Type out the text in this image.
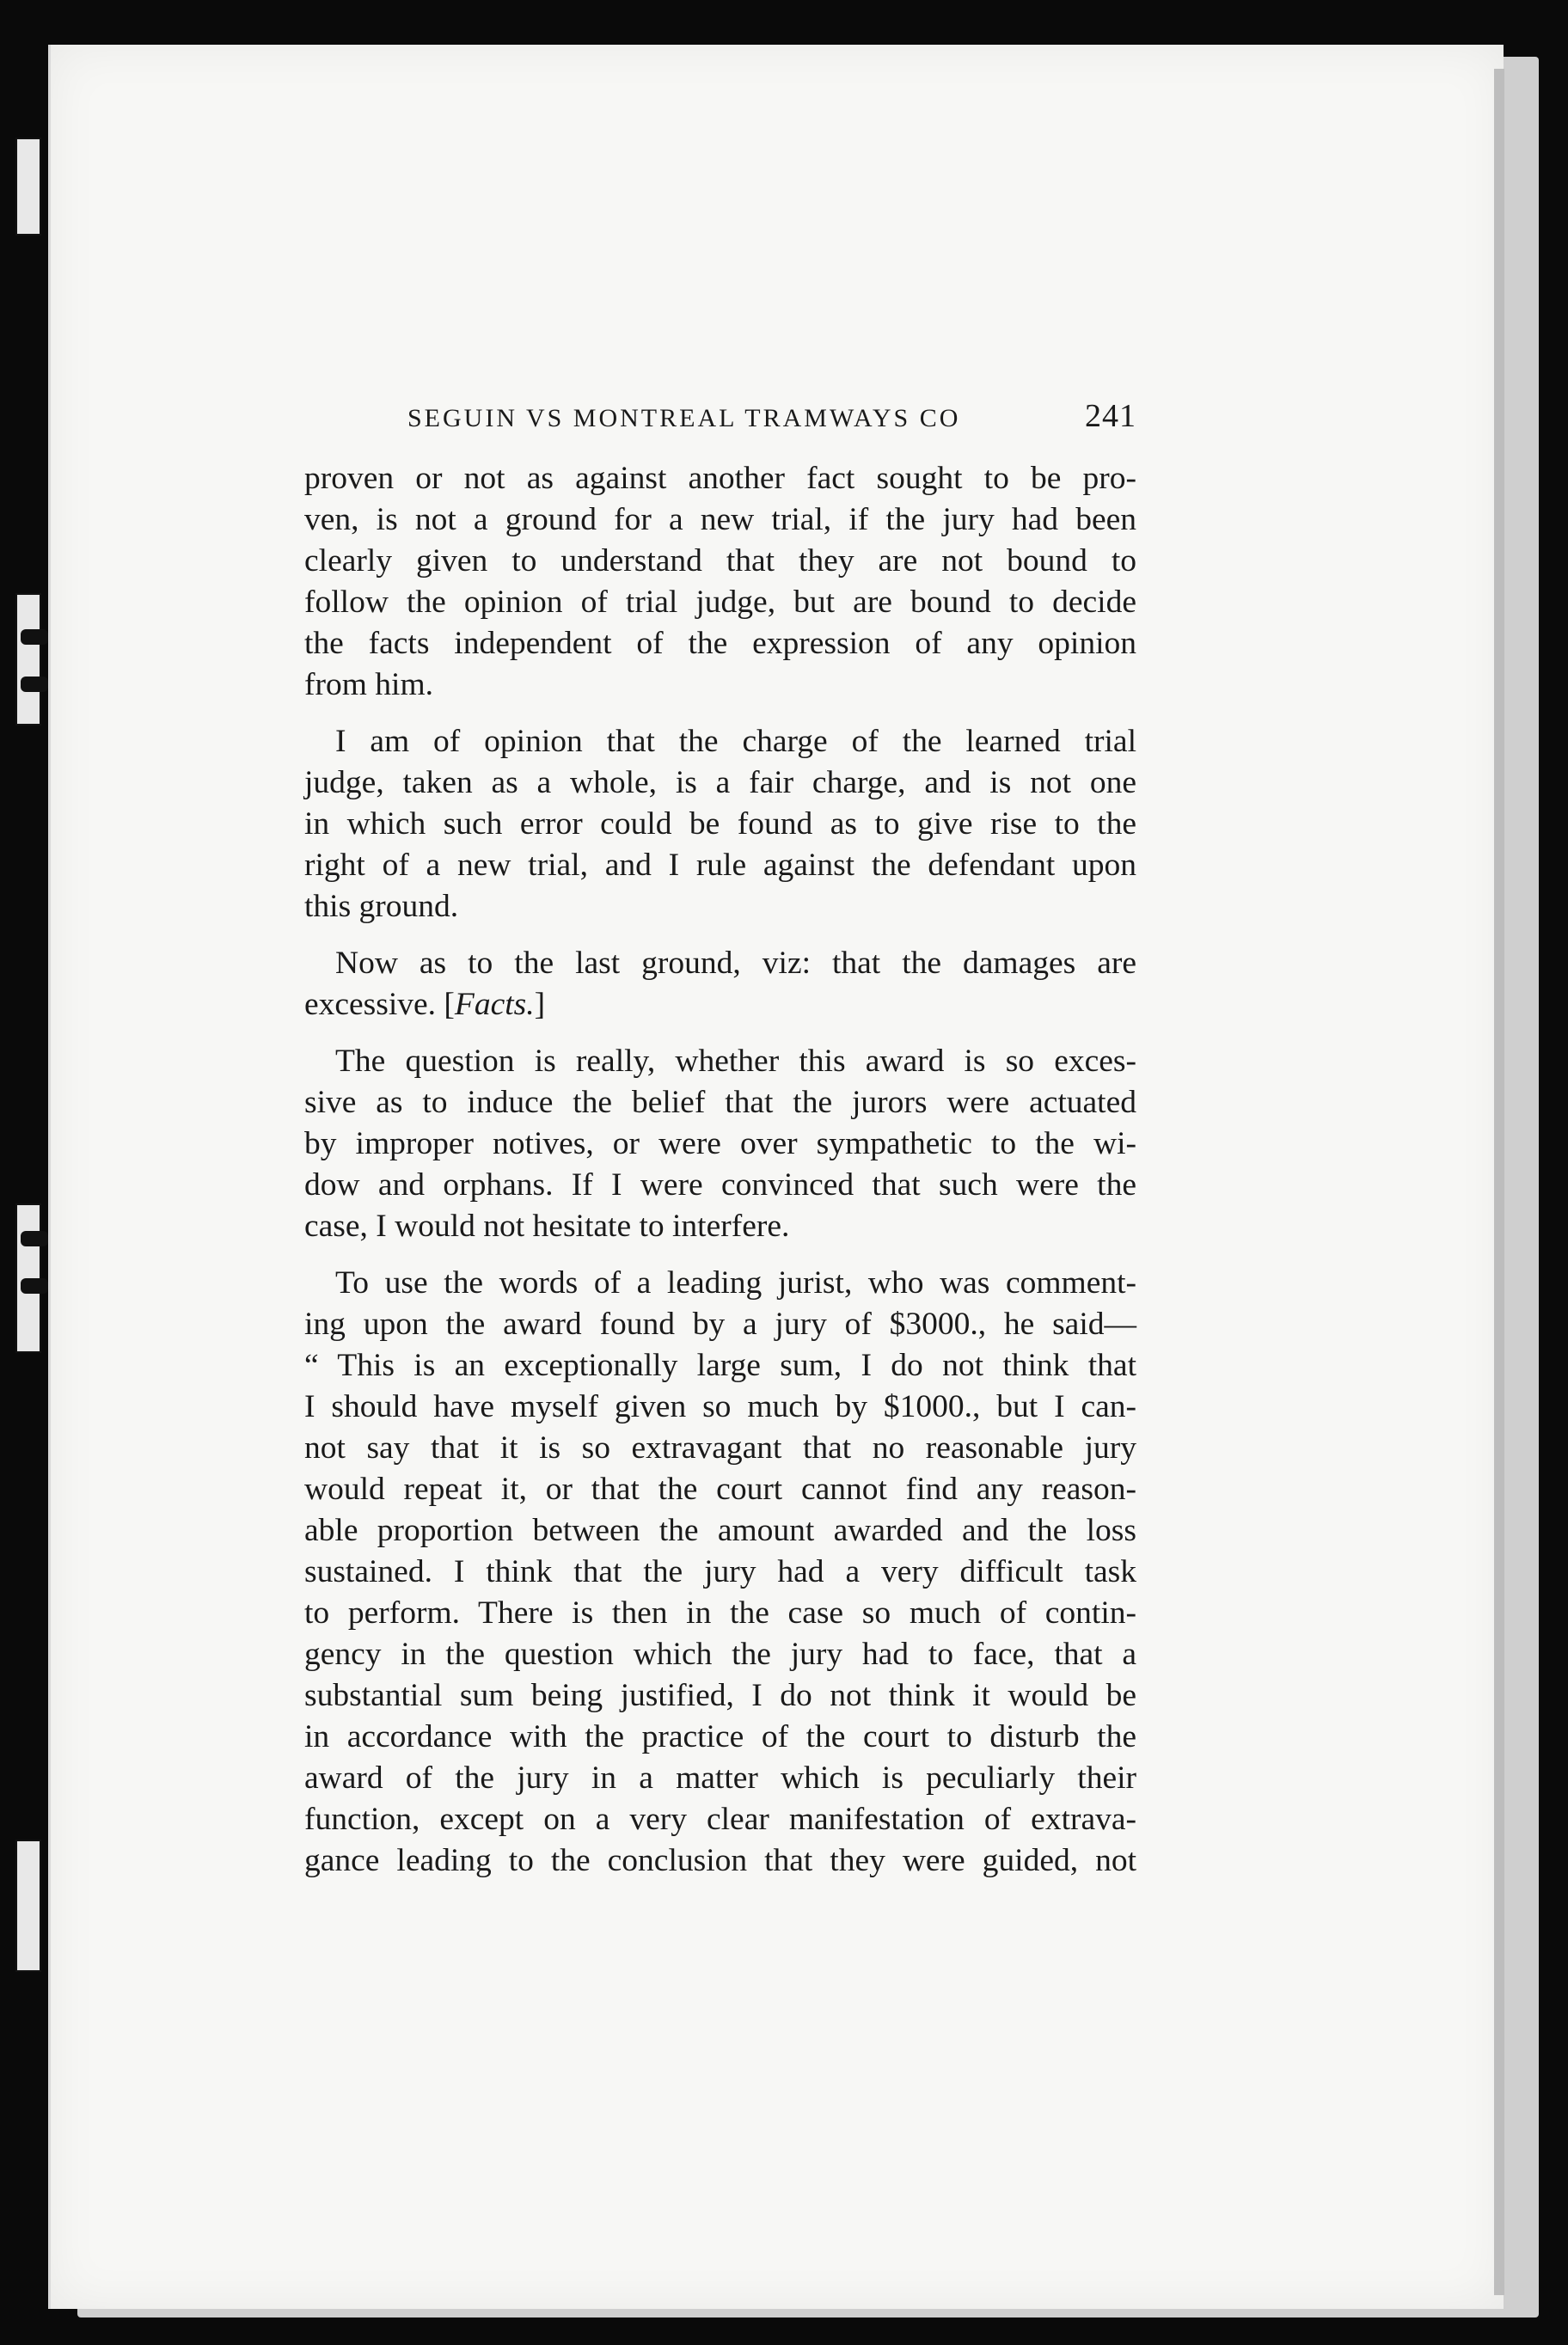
SEGUIN VS MONTREAL TRAMWAYS CO	241
proven or not as against another fact sought to be pro-
ven, is not a ground for a new trial, if the jury had been
clearly given to understand that they are not bound to
follow the opinion of trial judge, but are bound to decide
the facts independent of the expression of any opinion
from him.
I am of opinion that the charge of the learned trial
judge, taken as a whole, is a fair charge, and is not one
in which such error could be found as to give rise to the
right of a new trial, and I rule against the defendant upon
this ground.
Now as to the last ground, viz: that the damages are
excessive. [Facts.]
The question is really, whether this award is so exces-
sive as to induce the belief that the jurors were actuated
by improper notives, or were over sympathetic to the wi-
dow and orphans. If I were convinced that such were the
case, I would not hesitate to interfere.
To use the words of a leading jurist, who was comment-
ing upon the award found by a jury of $3000., he said—
“ This is an exceptionally large sum, I do not think that
I should have myself given so much by $1000., but I can-
not say that it is so extravagant that no reasonable jury
would repeat it, or that the court cannot find any reason-
able proportion between the amount awarded and the loss
sustained. I think that the jury had a very difficult task
to perform. There is then in the case so much of contin-
gency in the question which the jury had to face, that a
substantial sum being justified, I do not think it would be
in accordance with the practice of the court to disturb the
award of the jury in a matter which is peculiarly their
function, except on a very clear manifestation of extrava-
gance leading to the conclusion that they were guided, not
